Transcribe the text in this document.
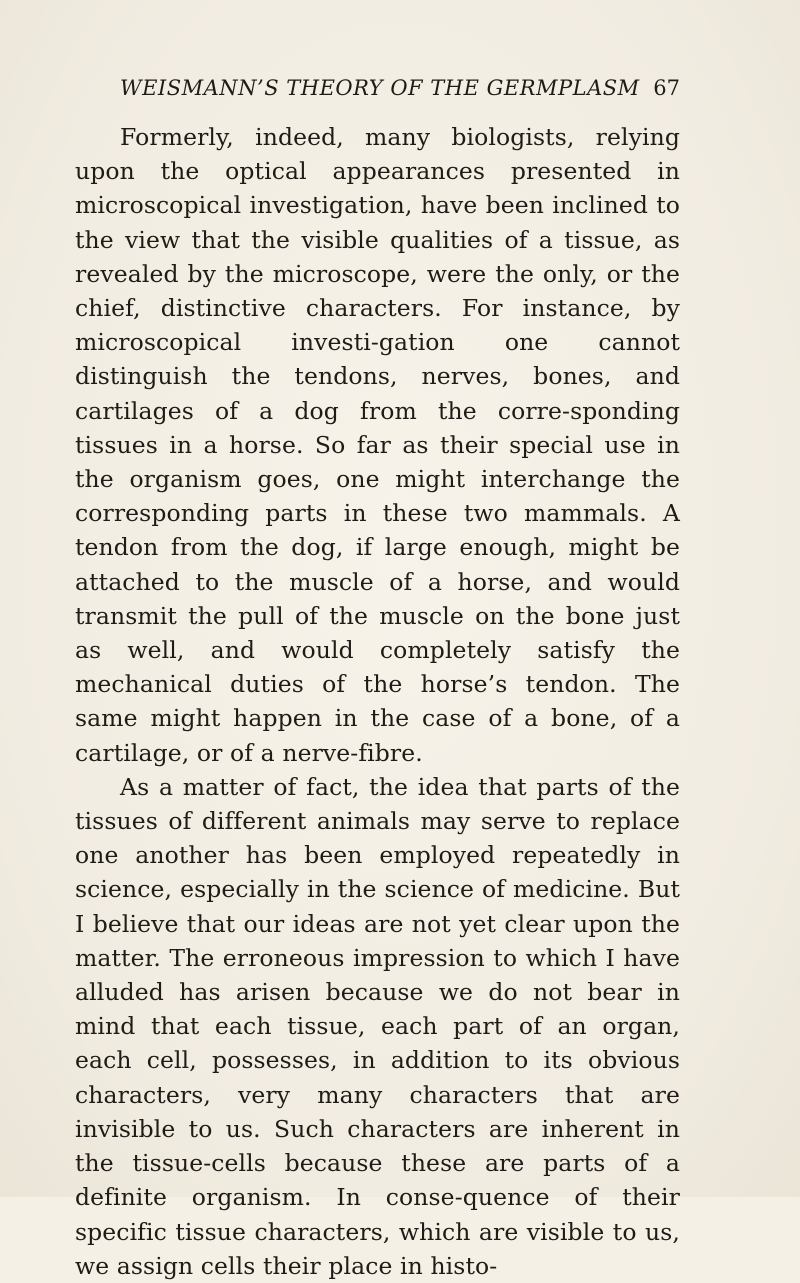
WEISMANN’S THEORY OF THE GERMPLASM 67

Formerly, indeed, many biologists, relying upon the optical appearances presented in microscopical investigation, have been inclined to the view that the visible qualities of a tissue, as revealed by the microscope, were the only, or the chief, distinctive characters. For instance, by microscopical investi-gation one cannot distinguish the tendons, nerves, bones, and cartilages of a dog from the corre-sponding tissues in a horse. So far as their special use in the organism goes, one might interchange the corresponding parts in these two mammals. A tendon from the dog, if large enough, might be attached to the muscle of a horse, and would transmit the pull of the muscle on the bone just as well, and would completely satisfy the mechanical duties of the horse’s tendon. The same might happen in the case of a bone, of a cartilage, or of a nerve-fibre.

As a matter of fact, the idea that parts of the tissues of different animals may serve to replace one another has been employed repeatedly in science, especially in the science of medicine. But I believe that our ideas are not yet clear upon the matter. The erroneous impression to which I have alluded has arisen because we do not bear in mind that each tissue, each part of an organ, each cell, possesses, in addition to its obvious characters, very many characters that are invisible to us. Such characters are inherent in the tissue-cells because these are parts of a definite organism. In conse-quence of their specific tissue characters, which are visible to us, we assign cells their place in histo-
